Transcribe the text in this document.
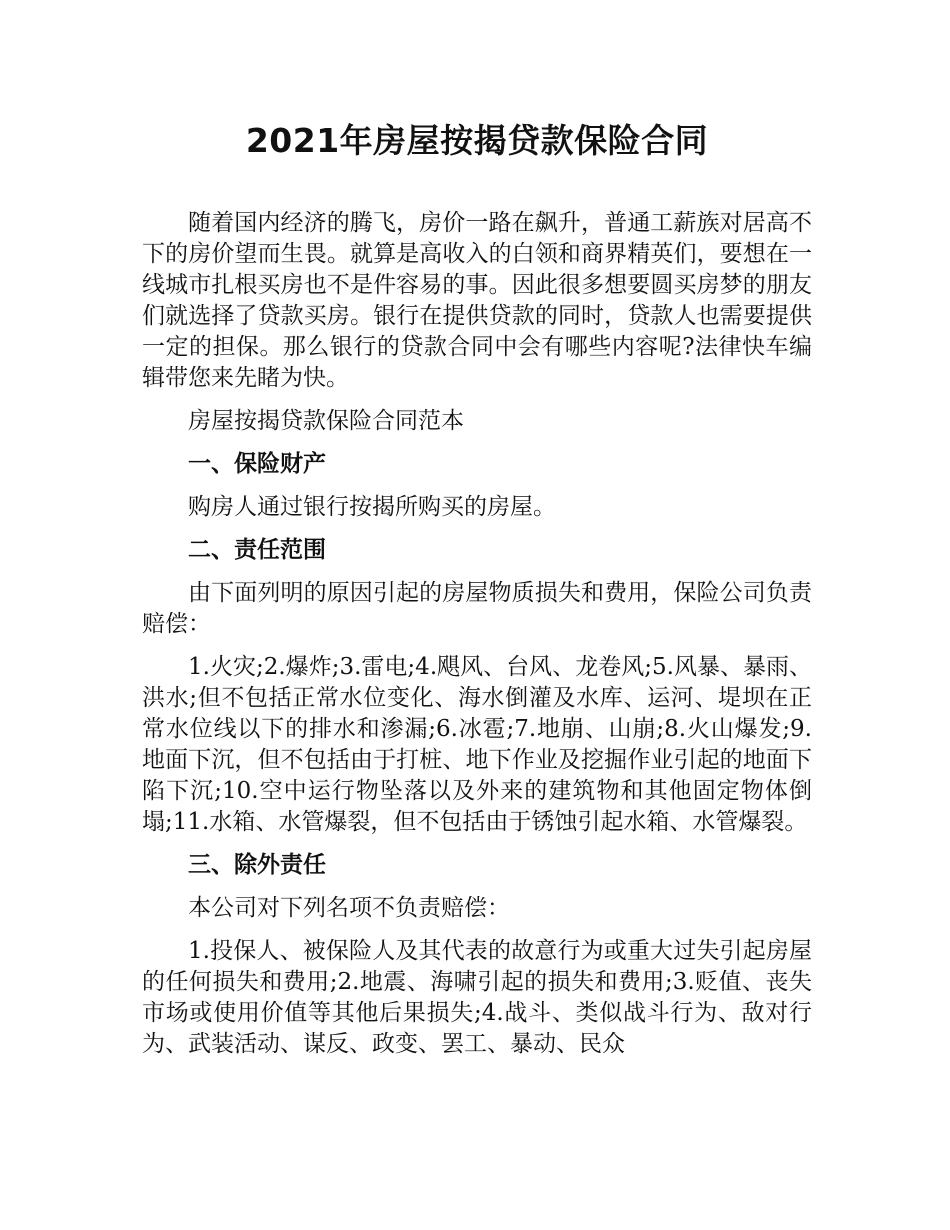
2021年房屋按揭贷款保险合同

随着国内经济的腾飞，房价一路在飙升，普通工薪族对居高不下的房价望而生畏。就算是高收入的白领和商界精英们，要想在一线城市扎根买房也不是件容易的事。因此很多想要圆买房梦的朋友们就选择了贷款买房。银行在提供贷款的同时，贷款人也需要提供一定的担保。那么银行的贷款合同中会有哪些内容呢?法律快车编辑带您来先睹为快。

房屋按揭贷款保险合同范本

一、保险财产

购房人通过银行按揭所购买的房屋。

二、责任范围

由下面列明的原因引起的房屋物质损失和费用，保险公司负责赔偿：

1.火灾;2.爆炸;3.雷电;4.飓风、台风、龙卷风;5.风暴、暴雨、洪水;但不包括正常水位变化、海水倒灌及水库、运河、堤坝在正常水位线以下的排水和渗漏;6.冰雹;7.地崩、山崩;8.火山爆发;9.地面下沉，但不包括由于打桩、地下作业及挖掘作业引起的地面下陷下沉;10.空中运行物坠落以及外来的建筑物和其他固定物体倒塌;11.水箱、水管爆裂，但不包括由于锈蚀引起水箱、水管爆裂。

三、除外责任

本公司对下列名项不负责赔偿：

1.投保人、被保险人及其代表的故意行为或重大过失引起房屋的任何损失和费用;2.地震、海啸引起的损失和费用;3.贬值、丧失市场或使用价值等其他后果损失;4.战斗、类似战斗行为、敌对行为、武装活动、谋反、政变、罢工、暴动、民众
